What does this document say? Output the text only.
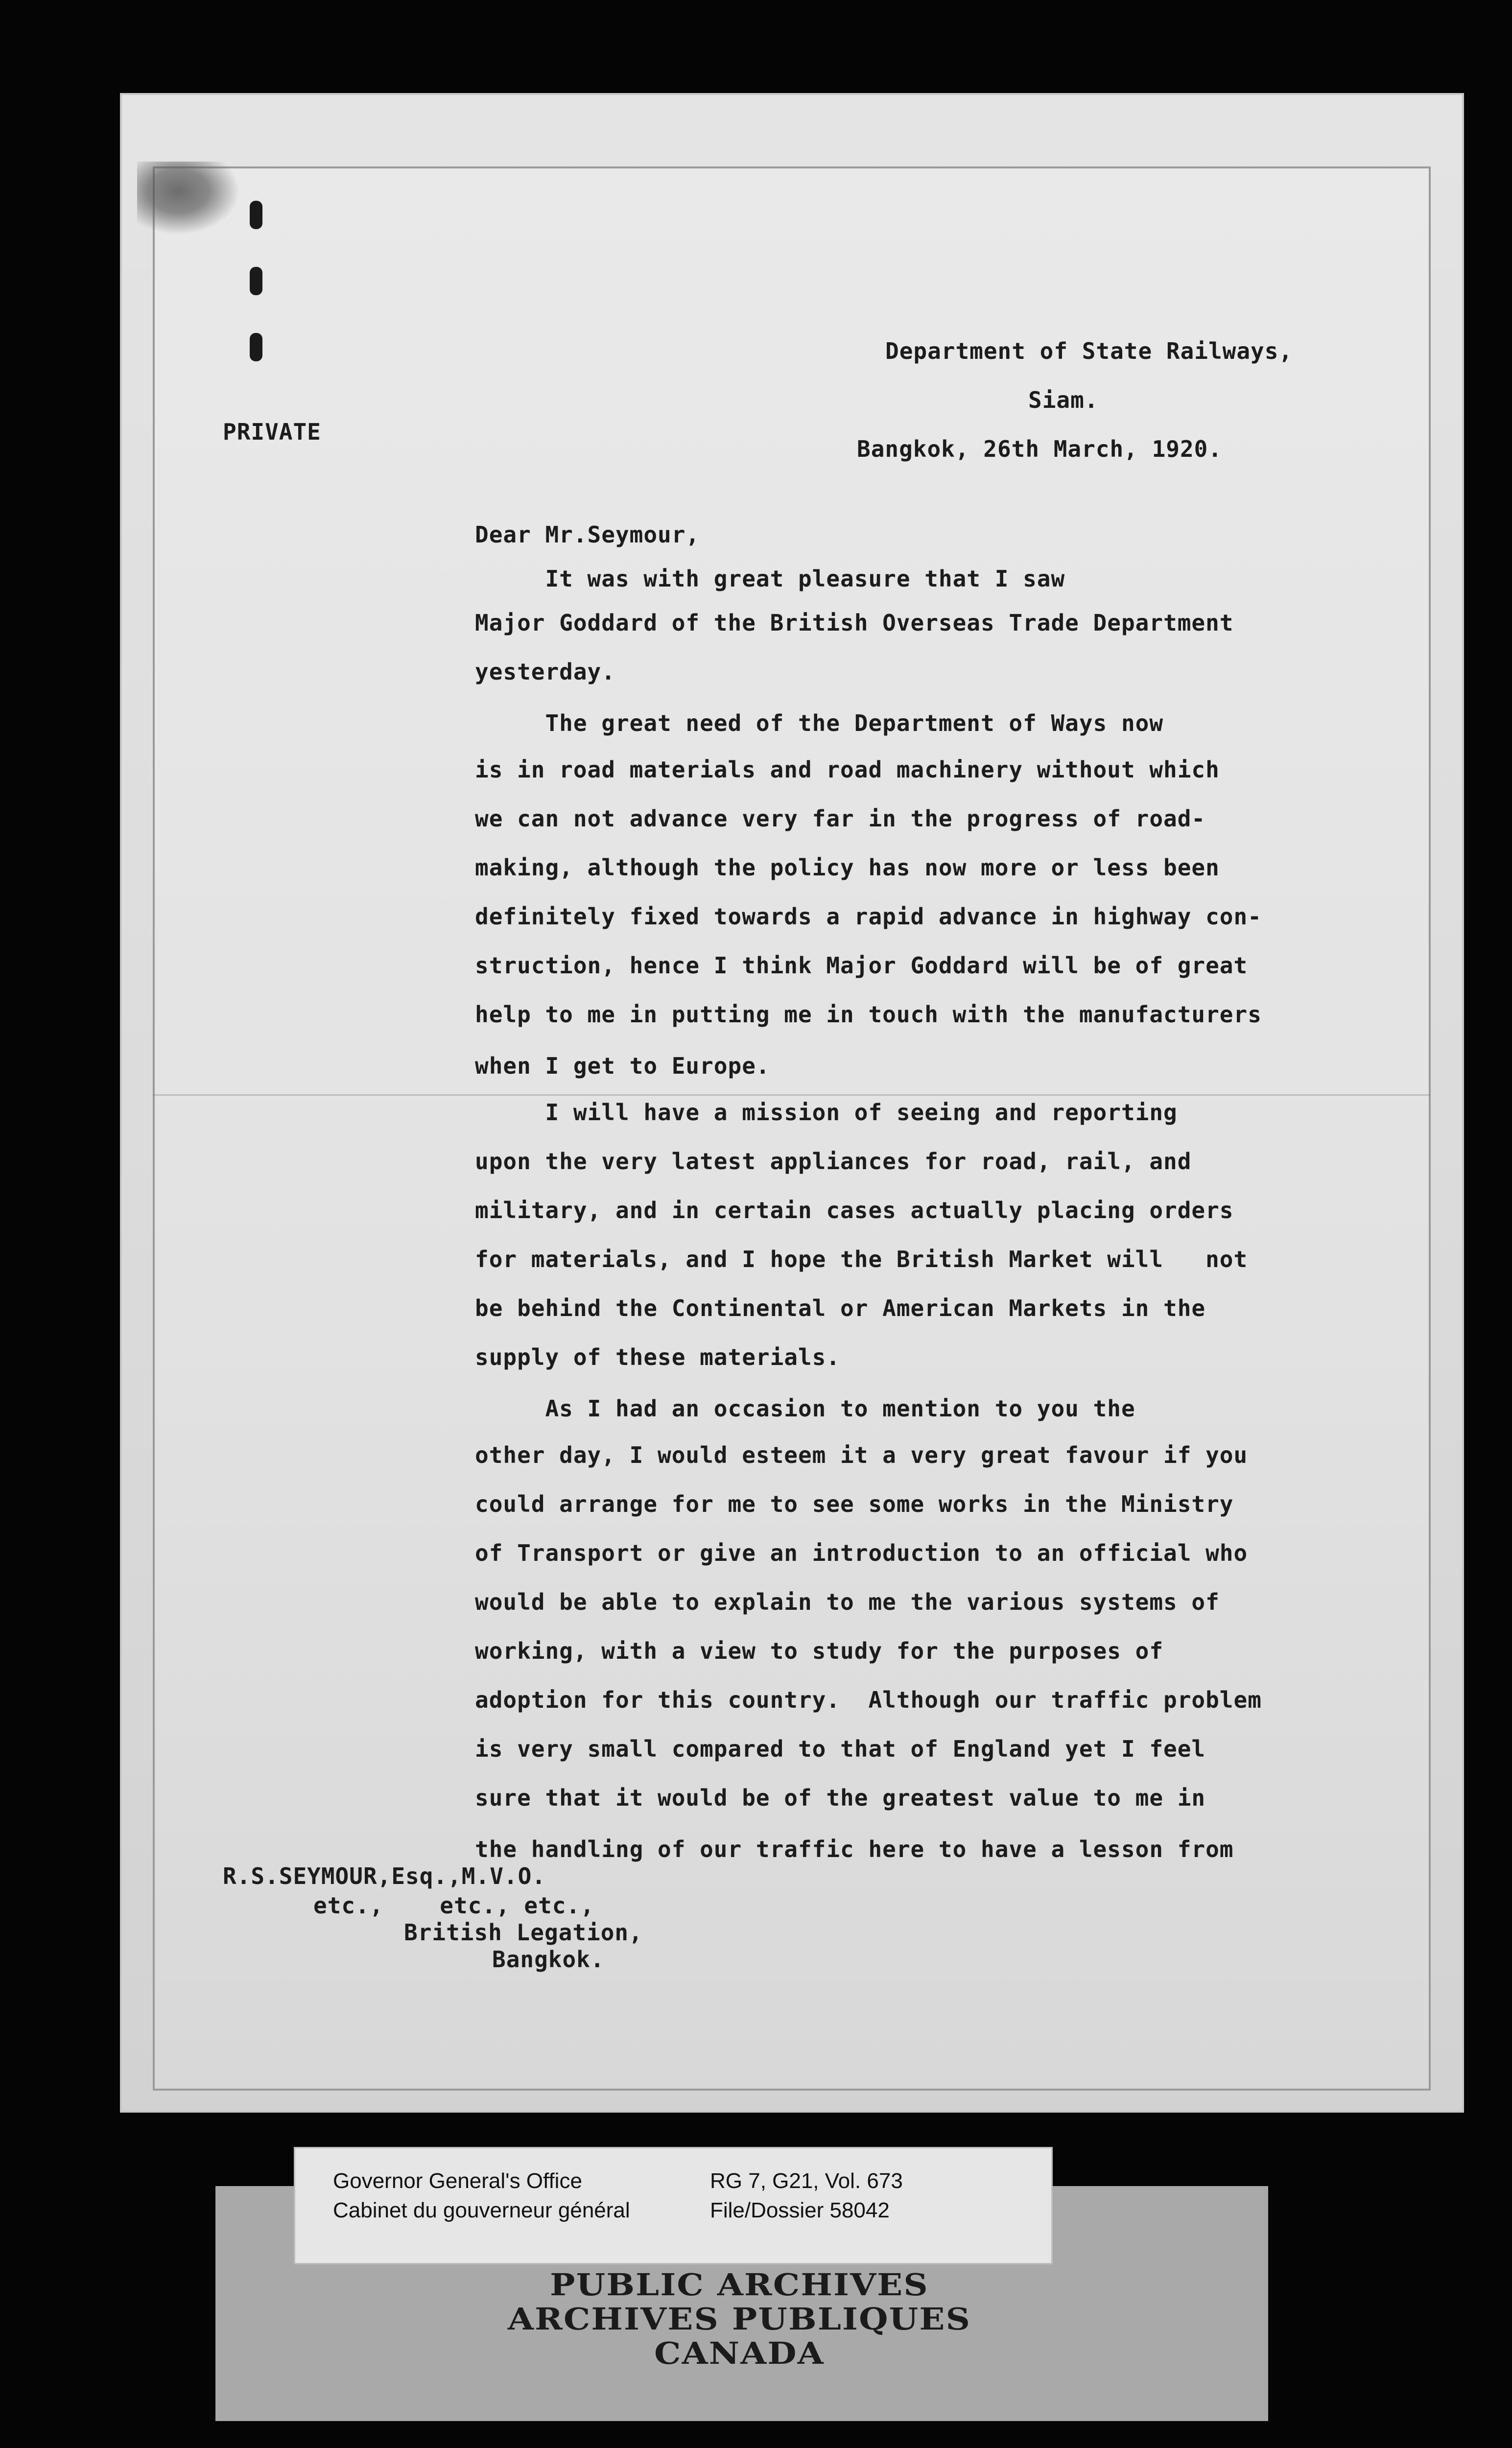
Department of State Railways,
Siam.
Bangkok, 26th March, 1920.
PRIVATE
Dear Mr.Seymour,
It was with great pleasure that I saw
Major Goddard of the British Overseas Trade Department
yesterday.
The great need of the Department of Ways now
is in road materials and road machinery without which
we can not advance very far in the progress of road-
making, although the policy has now more or less been
definitely fixed towards a rapid advance in highway con-
struction, hence I think Major Goddard will be of great
help to me in putting me in touch with the manufacturers
when I get to Europe.
I will have a mission of seeing and reporting
upon the very latest appliances for road, rail, and
military, and in certain cases actually placing orders
for materials, and I hope the British Market will   not
be behind the Continental or American Markets in the
supply of these materials.
As I had an occasion to mention to you the
other day, I would esteem it a very great favour if you
could arrange for me to see some works in the Ministry
of Transport or give an introduction to an official who
would be able to explain to me the various systems of
working, with a view to study for the purposes of
adoption for this country.  Although our traffic problem
is very small compared to that of England yet I feel
sure that it would be of the greatest value to me in
the handling of our traffic here to have a lesson from
R.S.SEYMOUR,Esq.,M.V.O.
etc.,    etc., etc.,
British Legation,
Bangkok.
Governor General's Office
Cabinet du gouverneur général
RG 7, G21, Vol. 673
File/Dossier 58042
PUBLIC ARCHIVES
ARCHIVES PUBLIQUES
CANADA
